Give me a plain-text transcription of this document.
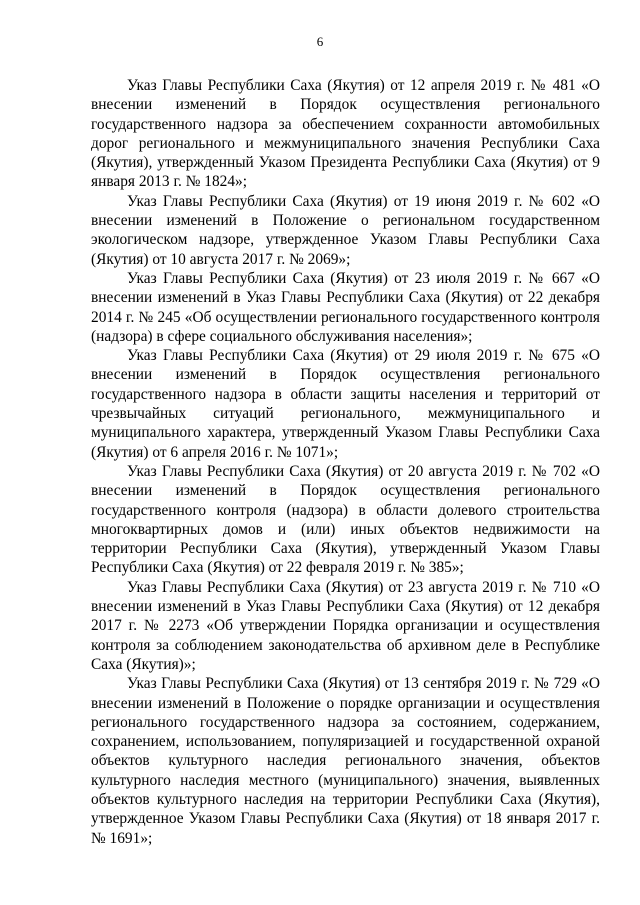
6

Указ Главы Республики Саха (Якутия) от 12 апреля 2019 г. № 481 «О внесении изменений в Порядок осуществления регионального государственного надзора за обеспечением сохранности автомобильных дорог регионального и межмуниципального значения Республики Саха (Якутия), утвержденный Указом Президента Республики Саха (Якутия) от 9 января 2013 г. № 1824»;

Указ Главы Республики Саха (Якутия) от 19 июня 2019 г. № 602 «О внесении изменений в Положение о региональном государственном экологическом надзоре, утвержденное Указом Главы Республики Саха (Якутия) от 10 августа 2017 г. № 2069»;

Указ Главы Республики Саха (Якутия) от 23 июля 2019 г. № 667 «О внесении изменений в Указ Главы Республики Саха (Якутия) от 22 декабря 2014 г. № 245 «Об осуществлении регионального государственного контроля (надзора) в сфере социального обслуживания населения»;

Указ Главы Республики Саха (Якутия) от 29 июля 2019 г. № 675 «О внесении изменений в Порядок осуществления регионального государственного надзора в области защиты населения и территорий от чрезвычайных ситуаций регионального, межмуниципального и муниципального характера, утвержденный Указом Главы Республики Саха (Якутия) от 6 апреля 2016 г. № 1071»;

Указ Главы Республики Саха (Якутия) от 20 августа 2019 г. № 702 «О внесении изменений в Порядок осуществления регионального государственного контроля (надзора) в области долевого строительства многоквартирных домов и (или) иных объектов недвижимости на территории Республики Саха (Якутия), утвержденный Указом Главы Республики Саха (Якутия) от 22 февраля 2019 г. № 385»;

Указ Главы Республики Саха (Якутия) от 23 августа 2019 г. № 710 «О внесении изменений в Указ Главы Республики Саха (Якутия) от 12 декабря 2017 г. № 2273 «Об утверждении Порядка организации и осуществления контроля за соблюдением законодательства об архивном деле в Республике Саха (Якутия)»;

Указ Главы Республики Саха (Якутия) от 13 сентября 2019 г. № 729 «О внесении изменений в Положение о порядке организации и осуществления регионального государственного надзора за состоянием, содержанием, сохранением, использованием, популяризацией и государственной охраной объектов культурного наследия регионального значения, объектов культурного наследия местного (муниципального) значения, выявленных объектов культурного наследия на территории Республики Саха (Якутия), утвержденное Указом Главы Республики Саха (Якутия) от 18 января 2017 г. № 1691»;
